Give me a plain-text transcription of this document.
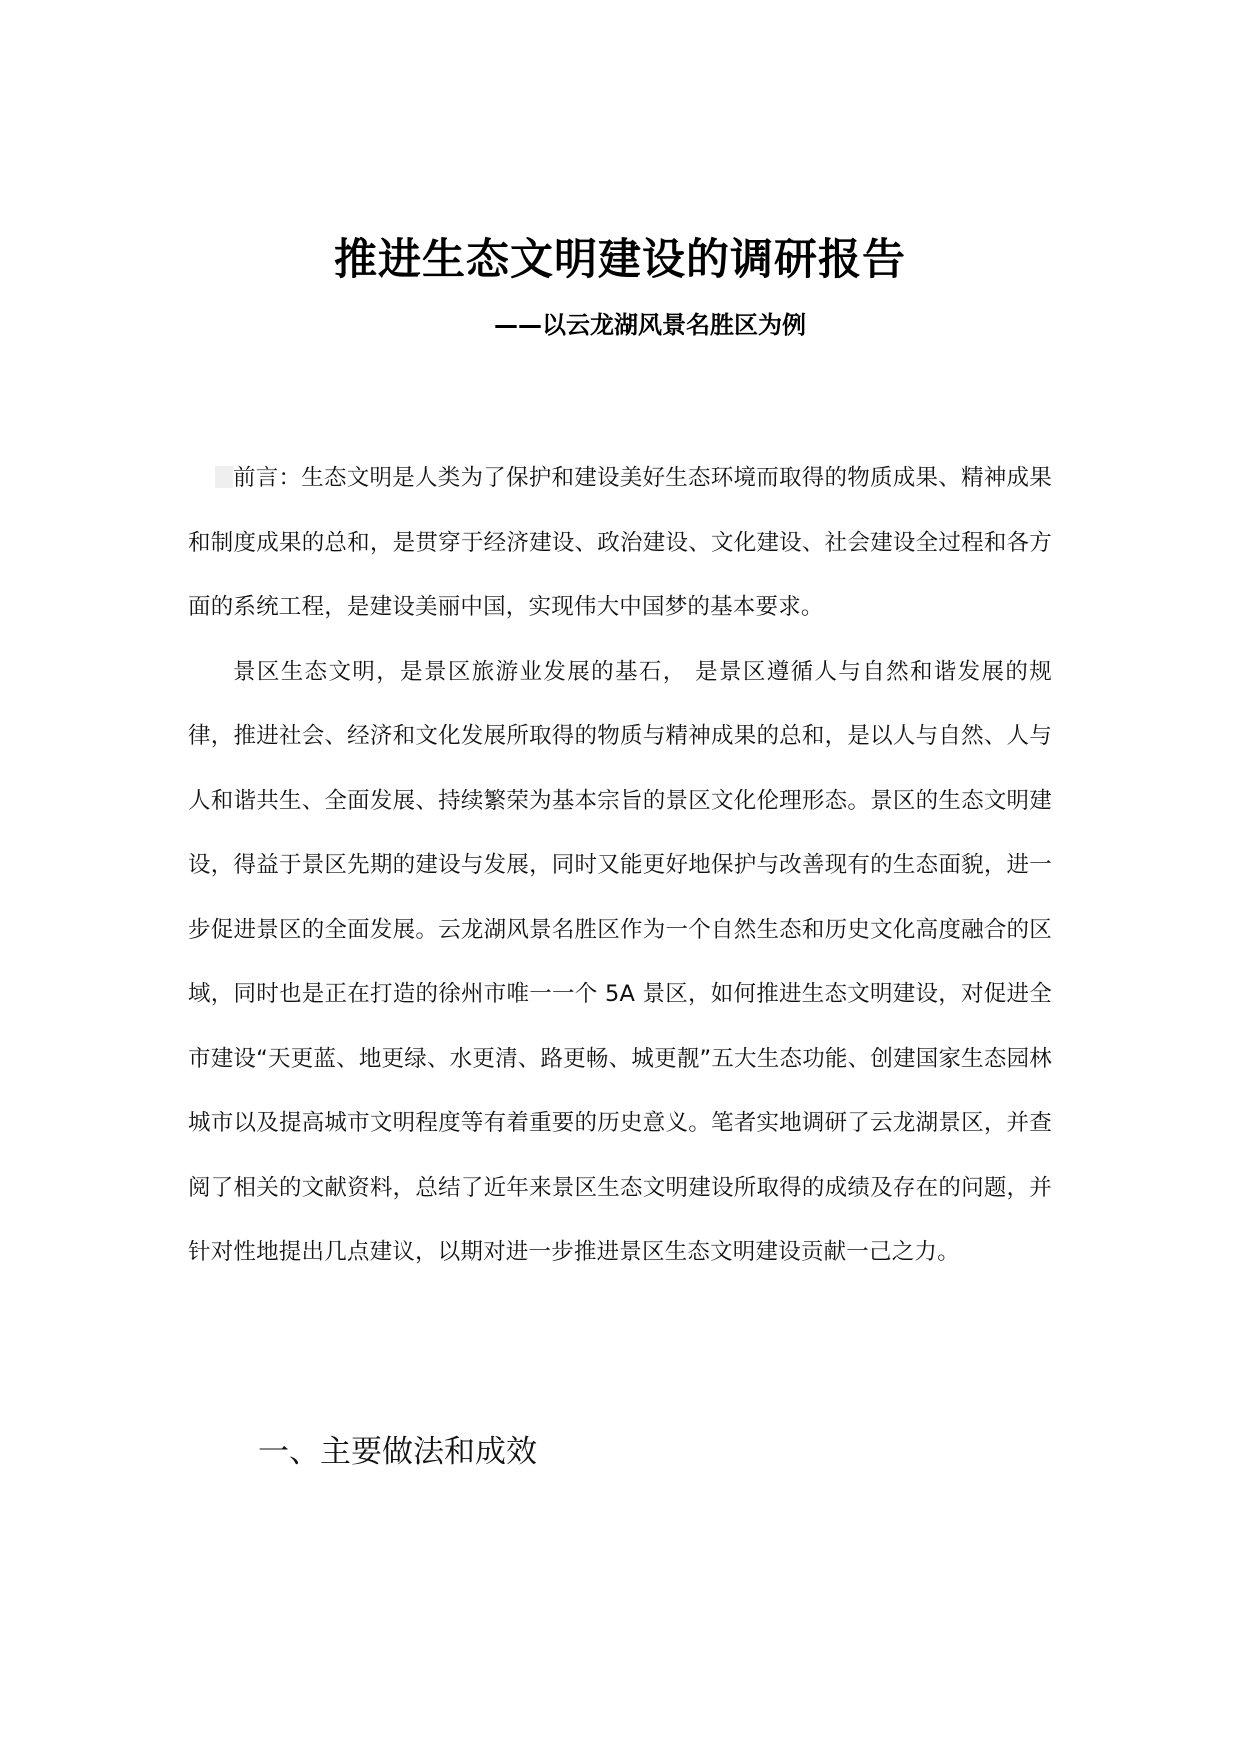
推进生态文明建设的调研报告
——以云龙湖风景名胜区为例

前言：生态文明是人类为了保护和建设美好生态环境而取得的物质成果、精神成果和制度成果的总和，是贯穿于经济建设、政治建设、文化建设、社会建设全过程和各方面的系统工程，是建设美丽中国，实现伟大中国梦的基本要求。

景区生态文明，是景区旅游业发展的基石， 是景区遵循人与自然和谐发展的规律，推进社会、经济和文化发展所取得的物质与精神成果的总和，是以人与自然、人与人和谐共生、全面发展、持续繁荣为基本宗旨的景区文化伦理形态。景区的生态文明建设，得益于景区先期的建设与发展，同时又能更好地保护与改善现有的生态面貌，进一步促进景区的全面发展。云龙湖风景名胜区作为一个自然生态和历史文化高度融合的区域，同时也是正在打造的徐州市唯一一个 5A 景区，如何推进生态文明建设，对促进全市建设“天更蓝、地更绿、水更清、路更畅、城更靓”五大生态功能、创建国家生态园林城市以及提高城市文明程度等有着重要的历史意义。笔者实地调研了云龙湖景区，并查阅了相关的文献资料，总结了近年来景区生态文明建设所取得的成绩及存在的问题，并针对性地提出几点建议，以期对进一步推进景区生态文明建设贡献一己之力。

一、主要做法和成效
